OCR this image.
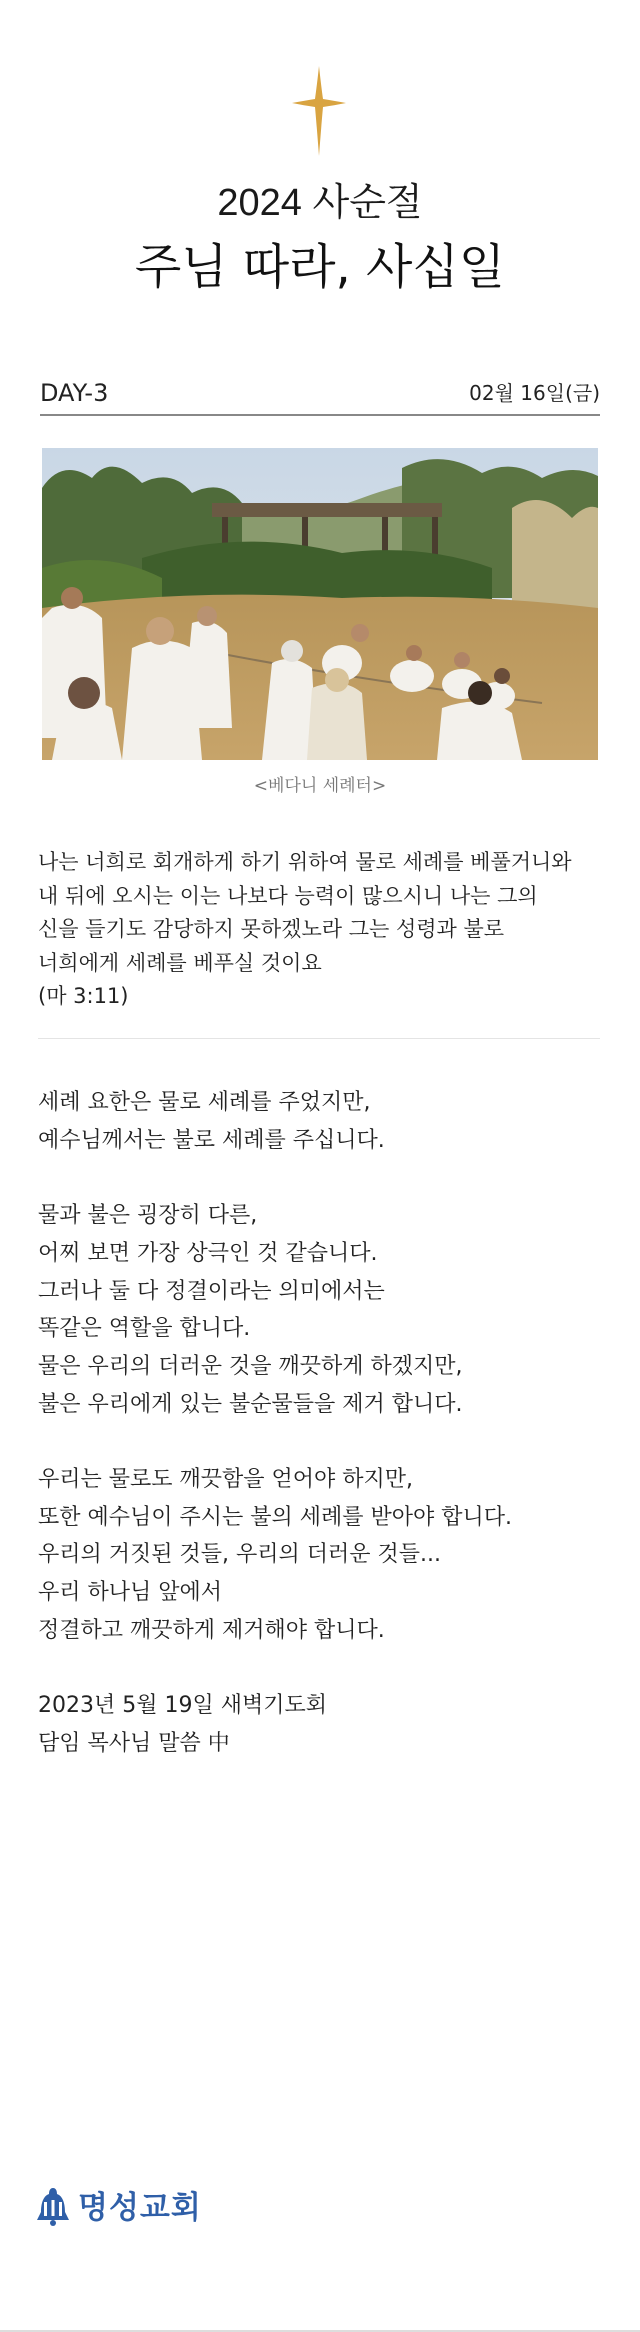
2024 사순절
주님 따라, 사십일
DAY-3	02월 16일(금)
<베다니 세례터>
나는 너희로 회개하게 하기 위하여 물로 세례를 베풀거니와
내 뒤에 오시는 이는 나보다 능력이 많으시니 나는 그의
신을 들기도 감당하지 못하겠노라 그는 성령과 불로
너희에게 세례를 베푸실 것이요
(마 3:11)
세례 요한은 물로 세례를 주었지만,
예수님께서는 불로 세례를 주십니다.
물과 불은 굉장히 다른,
어찌 보면 가장 상극인 것 같습니다.
그러나 둘 다 정결이라는 의미에서는
똑같은 역할을 합니다.
물은 우리의 더러운 것을 깨끗하게 하겠지만,
불은 우리에게 있는 불순물들을 제거 합니다.
우리는 물로도 깨끗함을 얻어야 하지만,
또한 예수님이 주시는 불의 세례를 받아야 합니다.
우리의 거짓된 것들, 우리의 더러운 것들...
우리 하나님 앞에서
정결하고 깨끗하게 제거해야 합니다.
2023년 5월 19일 새벽기도회
담임 목사님 말씀 中
명성교회
